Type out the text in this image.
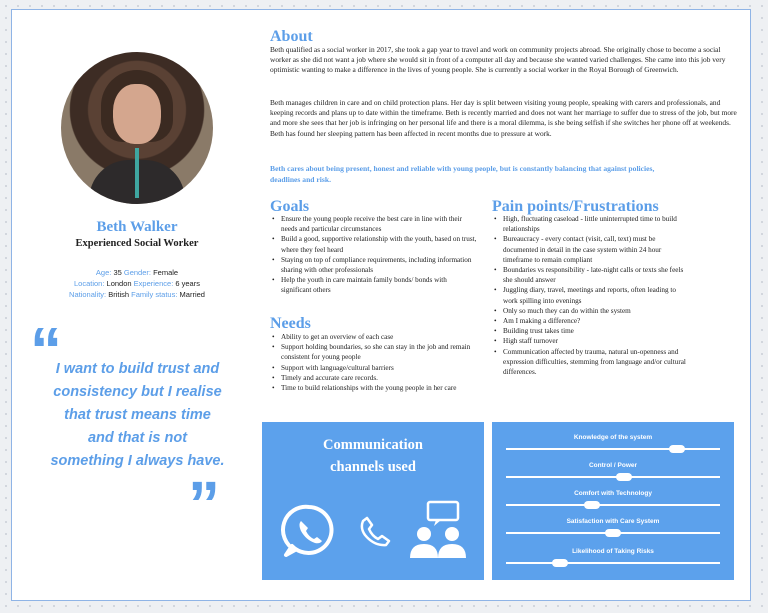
Beth Walker
Experienced Social Worker
Age: 35 Gender: Female
Location: London Experience: 6 years
Nationality: British Family status: Married
“
I want to build trust and consistency but I realise that trust means time and that is not something I always have.
”
About

Beth qualified as a social worker in 2017, she took a gap year to travel and work on community projects abroad. She originally chose to become a social worker as she did not want a job where she would sit in front of a computer all day and because she wanted varied challenges. She came into this job very optimistic wanting to make a difference in the lives of young people. She is currently a social worker in the Royal Borough of Greenwich.

Beth manages children in care and on child protection plans. Her day is split between visiting young people, speaking with carers and professionals, and keeping records and plans up to date within the timeframe. Beth is recently married and does not want her marriage to suffer due to stress of the job, but more and more she sees that her job is infringing on her personal life and there is a moral dilemma, is she being selfish if she switches her phone off at weekends. Beth has found her sleeping pattern has been affected in recent months due to pressure at work.

Beth cares about being present, honest and reliable with young people, but is constantly balancing that against policies, deadlines and risk.

Goals
• Ensure the young people receive the best care in line with their needs and particular circumstances
• Build a good, supportive relationship with the youth, based on trust, where they feel heard
• Staying on top of compliance requirements, including information sharing with other professionals
• Help the youth in care maintain family bonds/ bonds with significant others
Needs
• Ability to get an overview of each case
• Support holding boundaries, so she can stay in the job and remain consistent for young people
• Support with language/cultural barriers
• Timely and accurate care records.
• Time to build relationships with the young people in her care
Pain points/Frustrations
• High, fluctuating caseload - little uninterrupted time to build relationships
• Bureaucracy - every contact (visit, call, text) must be documented in detail in the case system within 24 hour timeframe to remain compliant
• Boundaries vs responsibility - late-night calls or texts she feels she should answer
• Juggling diary, travel, meetings and reports, often leading to work spilling into evenings
• Only so much they can do within the system
• Am I making a difference?
• Building trust takes time
• High staff turnover
• Communication affected by trauma, natural un-openness and expression difficulties, stemming from language and/or cultural differences.
Communication
channels used
Knowledge of the system
Control / Power
Comfort with Technology
Satisfaction with Care System
Likelihood of Taking Risks
